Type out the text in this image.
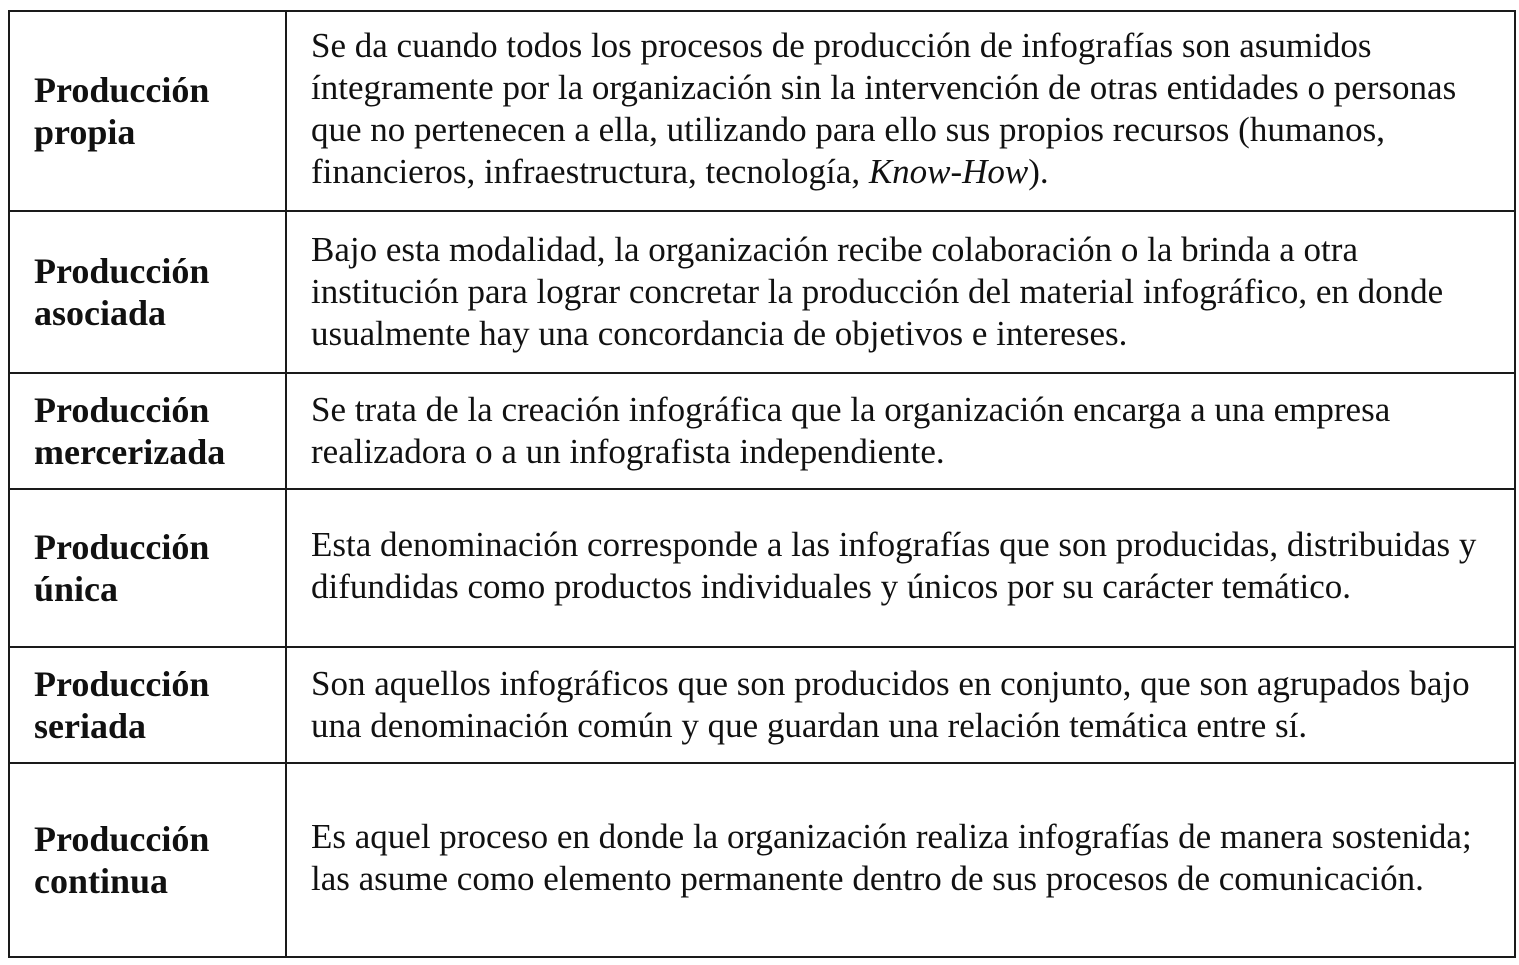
Producción
propia	Se da cuando todos los procesos de producción de infografías son asumidos íntegramente por la organización sin la intervención de otras entidades o personas que no pertenecen a ella, utilizando para ello sus propios recursos (humanos, financieros, infraestructura, tecnología, Know-How).

Producción
asociada	Bajo esta modalidad, la organización recibe colaboración o la brinda a otra institución para lograr concretar la producción del material infográfico, en donde usualmente hay una concordancia de objetivos e intereses.

Producción
mercerizada	Se trata de la creación infográfica que la organización encarga a una empresa realizadora o a un infografista independiente.

Producción
única	Esta denominación corresponde a las infografías que son producidas, distribuidas y difundidas como productos individuales y únicos por su carácter temático.

Producción
seriada	Son aquellos infográficos que son producidos en conjunto, que son agrupados bajo una denominación común y que guardan una relación temática entre sí.

Producción
continua	Es aquel proceso en donde la organización realiza infografías de manera sostenida; las asume como elemento permanente dentro de sus procesos de comunicación.
